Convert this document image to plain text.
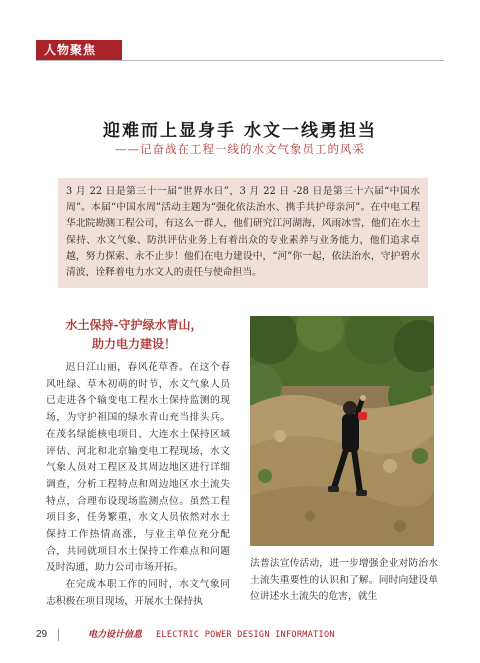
人物聚焦
迎难而上显身手 水文一线勇担当
——记奋战在工程一线的水文气象员工的风采
3 月 22 日是第三十一届“世界水日”，3 月 22 日 -28 日是第三十六届“中国水周”。本届“中国水周”活动主题为“强化依法治水、携手共护母亲河”。在中电工程华北院勘测工程公司，有这么一群人，他们研究江河湖海，风雨冰雪，他们在水土保持、水文气象、防洪评估业务上有着出众的专业素养与业务能力，他们追求卓越，努力探索、永不止步！他们在电力建设中，“河”你一起，依法治水，守护碧水清波，诠释着电力水文人的责任与使命担当。
水土保持-守护绿水青山，
助力电力建设！

迟日江山丽，春风花草香。在这个春风吐绿、草木初萌的时节，水文气象人员已走进各个输变电工程水土保持监测的现场，为守护祖国的绿水青山充当排头兵。在茂名绿能核电项目、大连水土保持区域评估、河北和北京输变电工程现场，水文气象人员对工程区及其周边地区进行详细调查，分析工程特点和周边地区水土流失特点，合理布设现场监测点位。虽然工程项目多，任务繁重，水文人员依然对水土保持工作热情高涨，与业主单位充分配合，共同就项目水土保持工作难点和问题及时沟通，助力公司市场开拓。

在完成本职工作的同时，水文气象同志积极在项目现场，开展水土保持执

法普法宣传活动，进一步增强企业对防治水土流失重要性的认识和了解。同时向建设单位讲述水土流失的危害，就生
29	电力设计信息 ELECTRIC POWER DESIGN INFORMATION
